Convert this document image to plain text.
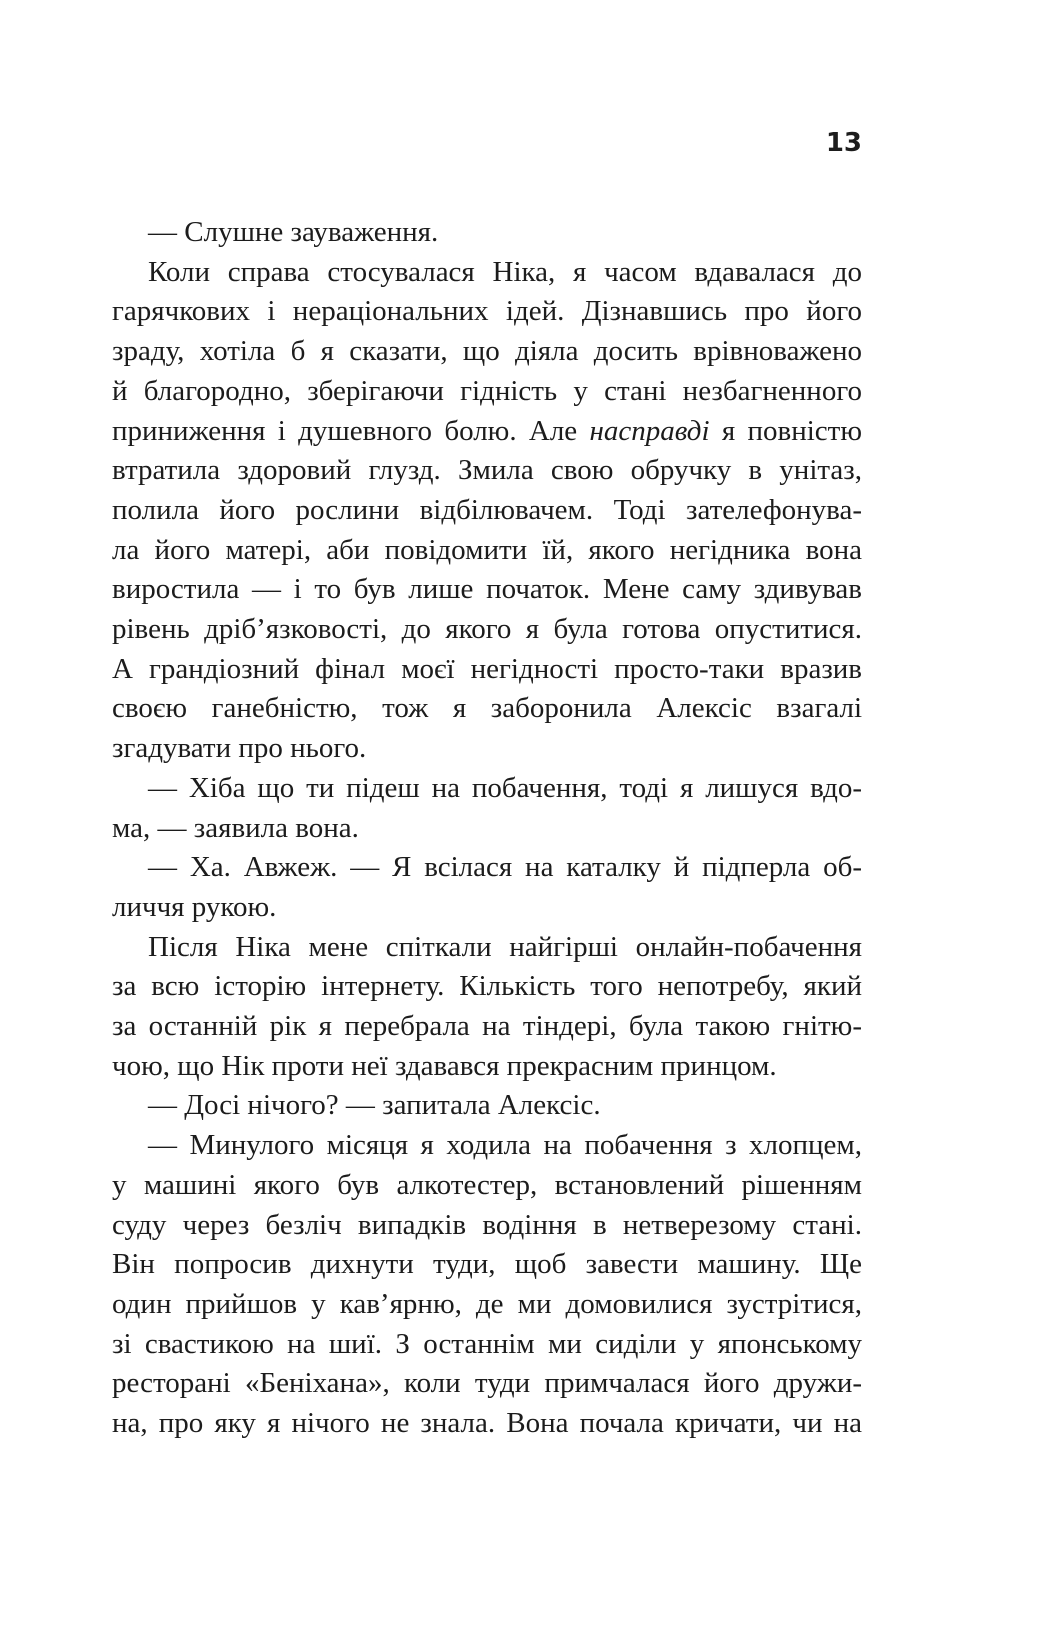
13
— Слушне зауваження.
Коли справа стосувалася Ніка, я часом вдавалася до
гарячкових і нераціональних ідей. Дізнавшись про його
зраду, хотіла б я сказати, що діяла досить врівноважено
й благородно, зберігаючи гідність у стані незбагненного
приниження і душевного болю. Але насправді я повністю
втратила здоровий глузд. Змила свою обручку в унітаз,
полила його рослини відбілювачем. Тоді зателефонува-
ла його матері, аби повідомити їй, якого негідника вона
виростила — і то був лише початок. Мене саму здивував
рівень дріб’язковості, до якого я була готова опуститися.
А грандіозний фінал моєї негідності просто-таки вразив
своєю ганебністю, тож я заборонила Алексіс взагалі
згадувати про нього.
— Хіба що ти підеш на побачення, тоді я лишуся вдо-
ма, — заявила вона.
— Ха. Авжеж. — Я всілася на каталку й підперла об-
личчя рукою.
Після Ніка мене спіткали найгірші онлайн-побачення
за всю історію інтернету. Кількість того непотребу, який
за останній рік я перебрала на тіндері, була такою гнітю-
чою, що Нік проти неї здавався прекрасним принцом.
— Досі нічого? — запитала Алексіс.
— Минулого місяця я ходила на побачення з хлопцем,
у машині якого був алкотестер, встановлений рішенням
суду через безліч випадків водіння в нетверезому стані.
Він попросив дихнути туди, щоб завести машину. Ще
один прийшов у кав’ярню, де ми домовилися зустрітися,
зі свастикою на шиї. З останнім ми сиділи у японському
ресторані «Беніхана», коли туди примчалася його дружи-
на, про яку я нічого не знала. Вона почала кричати, чи на
